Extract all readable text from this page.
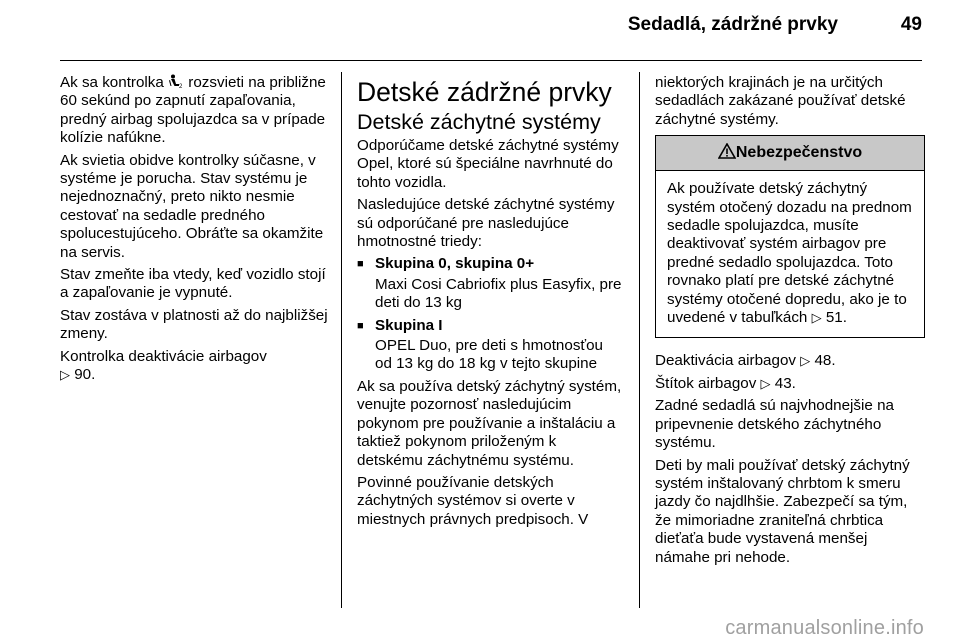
Sedadlá, zádržné prvky	49

Ak sa kontrolka 2 rozsvieti na približne 60 sekúnd po zapnutí zapaľovania, predný airbag spolujazdca sa v prípade kolízie nafúkne.

Ak svietia obidve kontrolky súčasne, v systéme je porucha. Stav systému je nejednoznačný, preto nikto nesmie cestovať na sedadle predného spolucestujúceho. Obráťte sa okamžite na servis.

Stav zmeňte iba vtedy, keď vozidlo stojí a zapaľovanie je vypnuté.

Stav zostáva v platnosti až do najbližšej zmeny.

Kontrolka deaktivácie airbagov
▷ 90.

Detské zádržné prvky
Detské záchytné systémy

Odporúčame detské záchytné systémy Opel, ktoré sú špeciálne navrhnuté do tohto vozidla.

Nasledujúce detské záchytné systémy sú odporúčané pre nasledujúce hmotnostné triedy:

■ Skupina 0, skupina 0+

Maxi Cosi Cabriofix plus Easyfix, pre deti do 13 kg

■ Skupina I

OPEL Duo, pre deti s hmotnosťou od 13 kg do 18 kg v tejto skupine

Ak sa používa detský záchytný systém, venujte pozornosť nasledujúcim pokynom pre používanie a inštaláciu a taktiež pokynom priloženým k detskému záchytnému systému.

Povinné používanie detských záchytných systémov si overte v miestnych právnych predpisoch. V

niektorých krajinách je na určitých sedadlách zakázané používať detské záchytné systémy.

Nebezpečenstvo

Ak používate detský záchytný systém otočený dozadu na prednom sedadle spolujazdca, musíte deaktivovať systém airbagov pre predné sedadlo spolujazdca. Toto rovnako platí pre detské záchytné systémy otočené dopredu, ako je to uvedené v tabuľkách ▷ 51.

Deaktivácia airbagov ▷ 48.

Štítok airbagov ▷ 43.

Zadné sedadlá sú najvhodnejšie na pripevnenie detského záchytného systému.

Deti by mali používať detský záchytný systém inštalovaný chrbtom k smeru jazdy čo najdlhšie. Zabezpečí sa tým, že mimoriadne zraniteľná chrbtica dieťaťa bude vystavená menšej námahe pri nehode.

carmanualsonline.info
